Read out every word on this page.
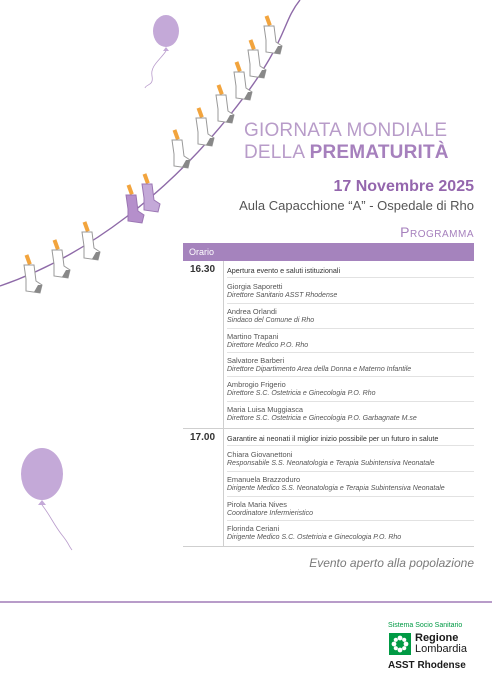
GIORNATA MONDIALE
DELLA PREMATURITÀ
17 Novembre 2025
Aula Capacchione “A” - Ospedale di Rho
Programma
Orario
16.30 Apertura evento e saluti istituzionali
Giorgia Saporetti
Direttore Sanitario ASST Rhodense
Andrea Orlandi
Sindaco del Comune di Rho
Martino Trapani
Direttore Medico P.O. Rho
Salvatore Barberi
Direttore Dipartimento Area della Donna e Materno Infantile
Ambrogio Frigerio
Direttore S.C. Ostetricia e Ginecologia P.O. Rho
Maria Luisa Muggiasca
Direttore S.C. Ostetricia e Ginecologia P.O. Garbagnate M.se
17.00 Garantire ai neonati il miglior inizio possibile per un futuro in salute
Chiara Giovanettoni
Responsabile S.S. Neonatologia e Terapia Subintensiva Neonatale
Emanuela Brazzoduro
Dirigente Medico S.S. Neonatologia e Terapia Subintensiva Neonatale
Pirola Maria Nives
Coordinatore Infermieristico
Florinda Ceriani
Dirigente Medico S.C. Ostetricia e Ginecologia P.O. Rho
Evento aperto alla popolazione
Sistema Socio Sanitario
Regione
Lombardia
ASST Rhodense
